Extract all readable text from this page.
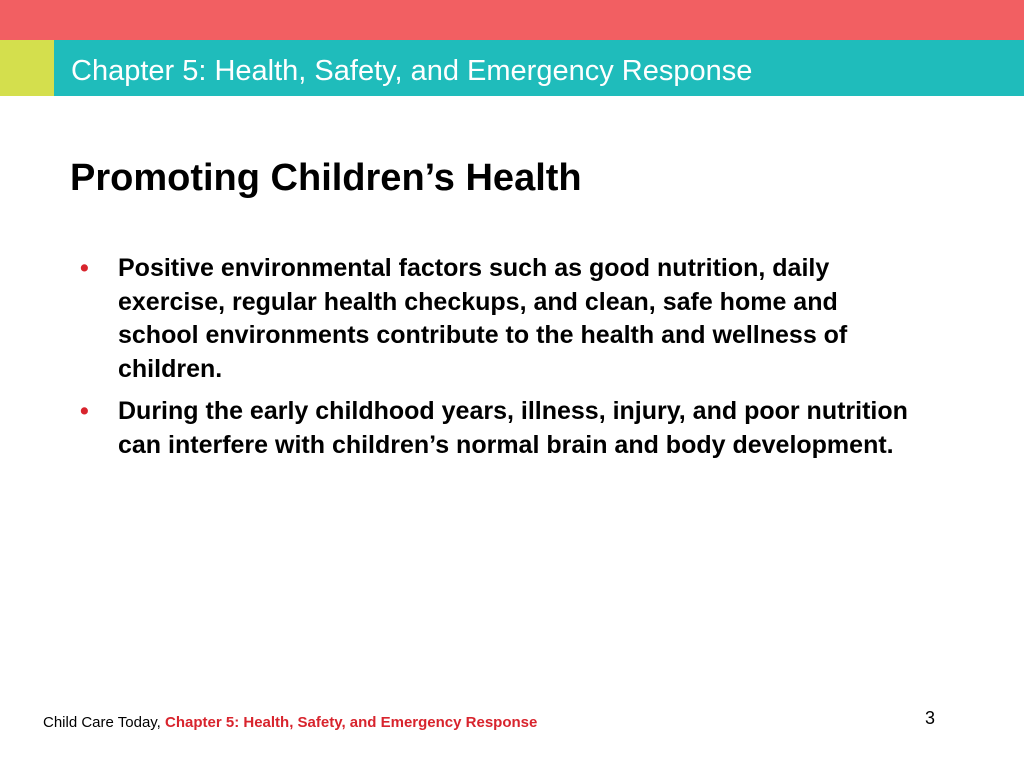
Chapter 5: Health, Safety, and Emergency Response
Promoting Children’s Health
• Positive environmental factors such as good nutrition, daily exercise, regular health checkups, and clean, safe home and school environments contribute to the health and wellness of children.
• During the early childhood years, illness, injury, and poor nutrition can interfere with children’s normal brain and body development.
Child Care Today, Chapter 5: Health, Safety, and Emergency Response	3
